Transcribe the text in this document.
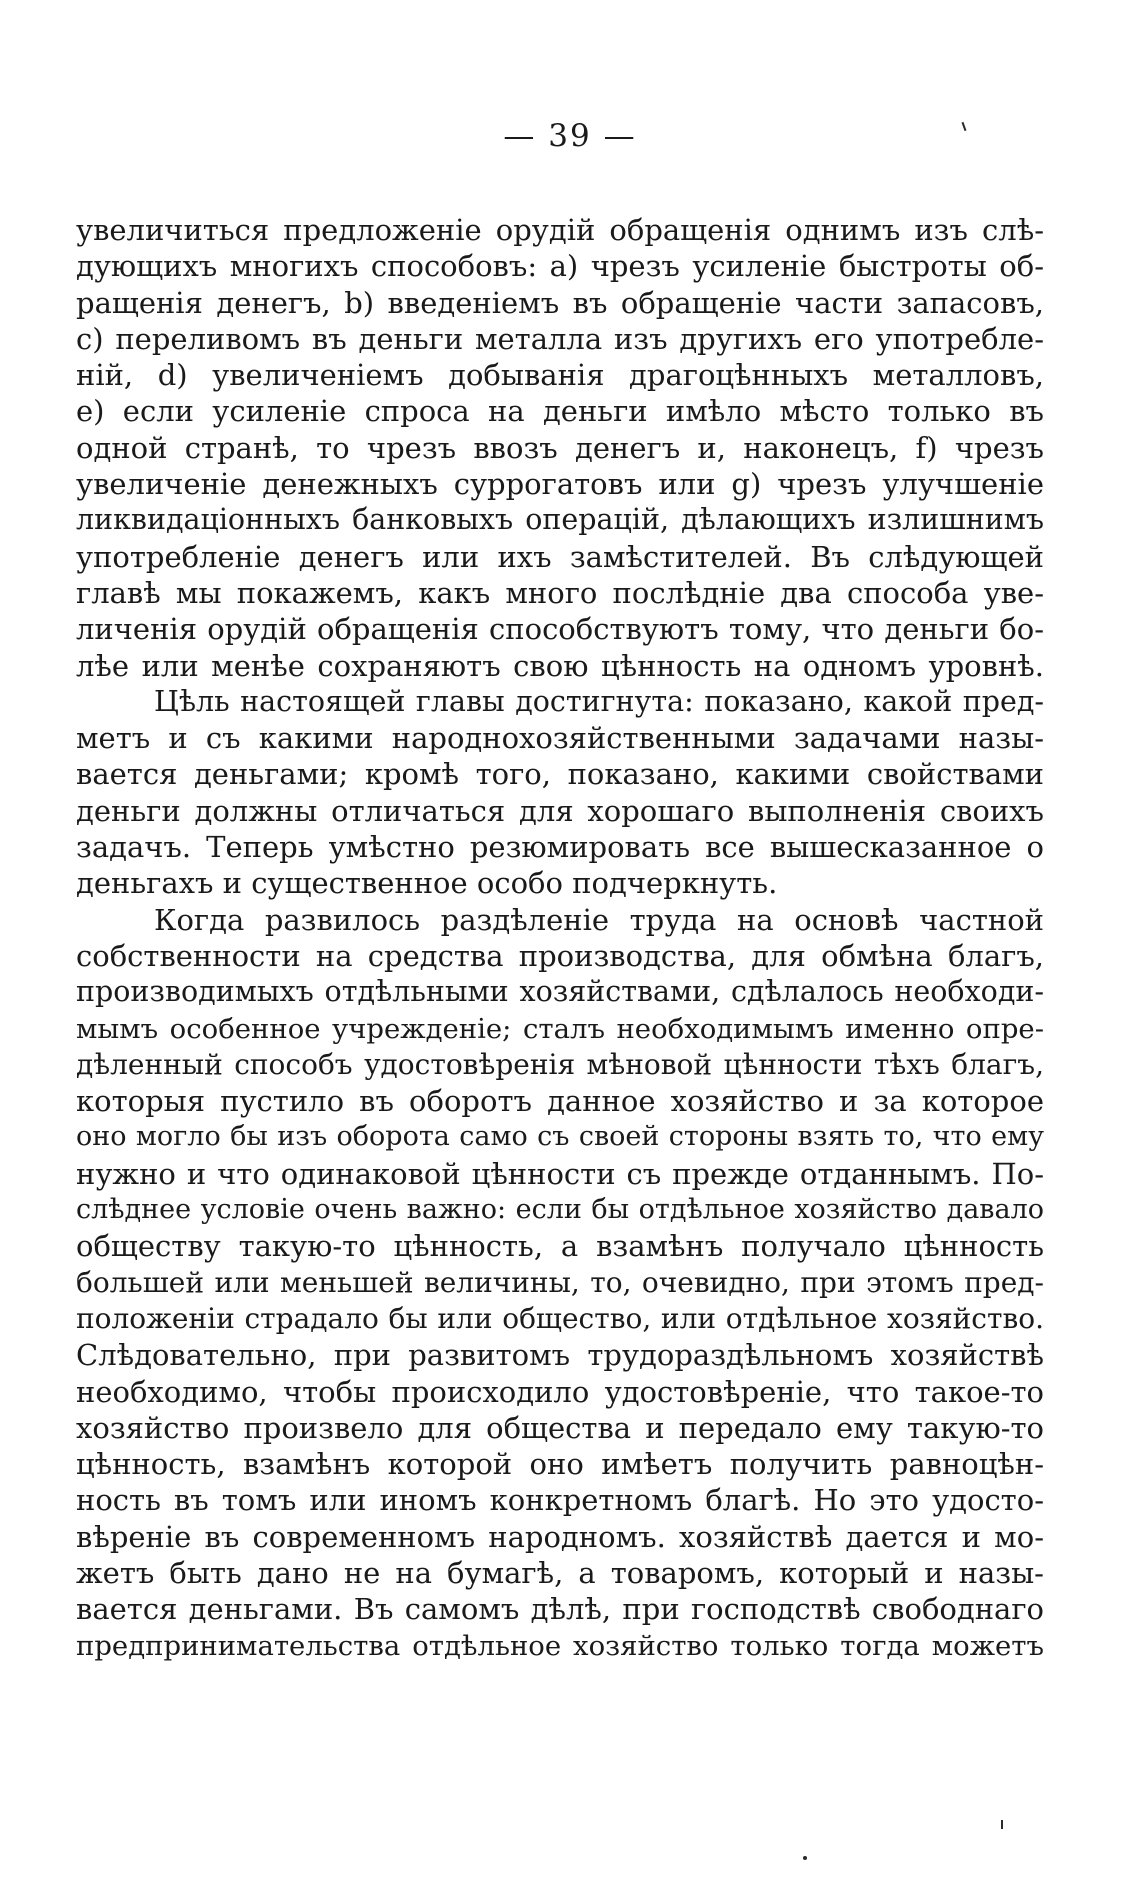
— 39 —
увеличиться предложеніе орудій обращенія однимъ изъ слѣ-
дующихъ многихъ способовъ: a) чрезъ усиленіе быстроты об-
ращенія денегъ, b) введеніемъ въ обращеніе части запасовъ,
c) переливомъ въ деньги металла изъ другихъ его употребле-
ній, d) увеличеніемъ добыванія драгоцѣнныхъ металловъ,
e) если усиленіе спроса на деньги имѣло мѣсто только въ
одной странѣ, то чрезъ ввозъ денегъ и, наконецъ, f) чрезъ
увеличеніе денежныхъ суррогатовъ или g) чрезъ улучшеніе
ликвидаціонныхъ банковыхъ операцій, дѣлающихъ излишнимъ
употребленіе денегъ или ихъ замѣстителей. Въ слѣдующей
главѣ мы покажемъ, какъ много послѣдніе два способа уве-
личенія орудій обращенія способствуютъ тому, что деньги бо-
лѣе или менѣе сохраняютъ свою цѣнность на одномъ уровнѣ.
Цѣль настоящей главы достигнута: показано, какой пред-
метъ и съ какими народнохозяйственными задачами назы-
вается деньгами; кромѣ того, показано, какими свойствами
деньги должны отличаться для хорошаго выполненія своихъ
задачъ. Теперь умѣстно резюмировать все вышесказанное о
деньгахъ и существенное особо подчеркнуть.
Когда развилось раздѣленіе труда на основѣ частной
собственности на средства производства, для обмѣна благъ,
производимыхъ отдѣльными хозяйствами, сдѣлалось необходи-
мымъ особенное учрежденіе; сталъ необходимымъ именно опре-
дѣленный способъ удостовѣренія мѣновой цѣнности тѣхъ благъ,
которыя пустило въ оборотъ данное хозяйство и за которое
оно могло бы изъ оборота само съ своей стороны взять то, что ему
нужно и что одинаковой цѣнности съ прежде отданнымъ. По-
слѣднее условіе очень важно: если бы отдѣльное хозяйство давало
обществу такую-то цѣнность, а взамѣнъ получало цѣнность
большей или меньшей величины, то, очевидно, при этомъ пред-
положеніи страдало бы или общество, или отдѣльное хозяйство.
Слѣдовательно, при развитомъ трудораздѣльномъ хозяйствѣ
необходимо, чтобы происходило удостовѣреніе, что такое-то
хозяйство произвело для общества и передало ему такую-то
цѣнность, взамѣнъ которой оно имѣетъ получить равноцѣн-
ность въ томъ или иномъ конкретномъ благѣ. Но это удосто-
вѣреніе въ современномъ народномъ. хозяйствѣ дается и мо-
жетъ быть дано не на бумагѣ, а товаромъ, который и назы-
вается деньгами. Въ самомъ дѣлѣ, при господствѣ свободнаго
предпринимательства отдѣльное хозяйство только тогда можетъ
